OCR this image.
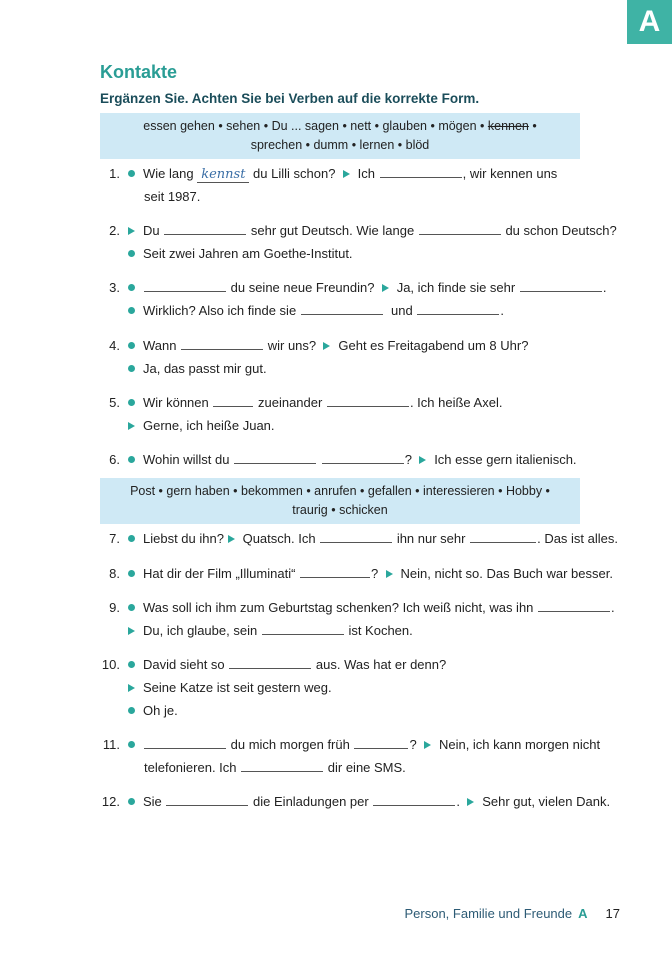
A
Kontakte
Ergänzen Sie. Achten Sie bei Verben auf die korrekte Form.
essen gehen • sehen • Du ... sagen • nett • glauben • mögen • kennen •
sprechen • dumm • lernen • blöd
1.	Wie lang kennst du Lilli schon? Ich	, wir kennen uns
seit 1987.
2.	Du	sehr gut Deutsch. Wie lange	du schon Deutsch?
Seit zwei Jahren am Goethe-Institut.
3.	du seine neue Freundin? Ja, ich finde sie sehr	.
Wirklich? Also ich finde sie	und	.
4.	Wann	wir uns? Geht es Freitagabend um 8 Uhr?
Ja, das passt mir gut.
5.	Wir können	zueinander	. Ich heiße Axel.
Gerne, ich heiße Juan.
6.	Wohin willst du	? Ich esse gern italienisch.
Post • gern haben • bekommen • anrufen • gefallen • interessieren • Hobby •
traurig • schicken
7.	Liebst du ihn? Quatsch. Ich	ihn nur sehr	. Das ist alles.
8.	Hat dir der Film „Illuminati“	? Nein, nicht so. Das Buch war besser.
9.	Was soll ich ihm zum Geburtstag schenken? Ich weiß nicht, was ihn	.
Du, ich glaube, sein	ist Kochen.
10.	David sieht so	aus. Was hat er denn?
Seine Katze ist seit gestern weg.
Oh je.
11.	du mich morgen früh	? Nein, ich kann morgen nicht
telefonieren. Ich	dir eine SMS.
12.	Sie	die Einladungen per	. Sehr gut, vielen Dank.
Person, Familie und Freunde A 17
